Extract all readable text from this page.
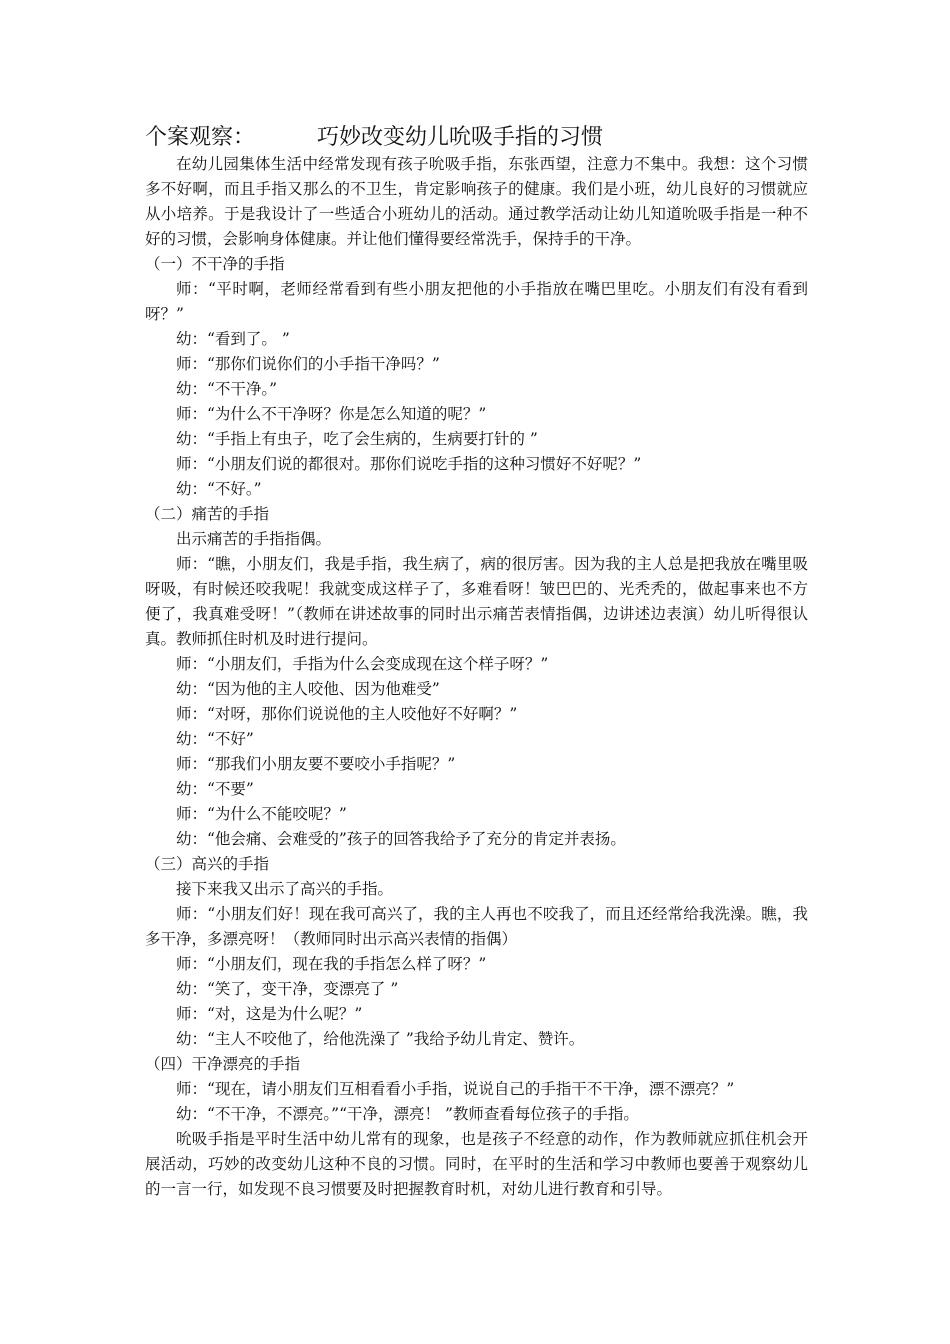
个案观察：	巧妙改变幼儿吮吸手指的习惯

在幼儿园集体生活中经常发现有孩子吮吸手指，东张西望，注意力不集中。我想：这个习惯多不好啊，而且手指又那么的不卫生，肯定影响孩子的健康。我们是小班，幼儿良好的习惯就应从小培养。于是我设计了一些适合小班幼儿的活动。通过教学活动让幼儿知道吮吸手指是一种不好的习惯，会影响身体健康。并让他们懂得要经常洗手，保持手的干净。

（一）不干净的手指

师：“平时啊，老师经常看到有些小朋友把他的小手指放在嘴巴里吃。小朋友们有没有看到呀？”

幼：“看到了。 ”

师：“那你们说你们的小手指干净吗？”

幼：“不干净。”

师：“为什么不干净呀？你是怎么知道的呢？”

幼：“手指上有虫子，吃了会生病的，生病要打针的 ”

师：“小朋友们说的都很对。那你们说吃手指的这种习惯好不好呢？”

幼：“不好。”

（二）痛苦的手指

出示痛苦的手指指偶。

师：“瞧，小朋友们，我是手指，我生病了，病的很厉害。因为我的主人总是把我放在嘴里吸呀吸，有时候还咬我呢！我就变成这样子了，多难看呀！皱巴巴的、光秃秃的，做起事来也不方便了，我真难受呀！”（教师在讲述故事的同时出示痛苦表情指偶，边讲述边表演）幼儿听得很认真。教师抓住时机及时进行提问。

师：“小朋友们，手指为什么会变成现在这个样子呀？”

幼：“因为他的主人咬他、因为他难受”

师：“对呀，那你们说说他的主人咬他好不好啊？”

幼：“不好”

师：“那我们小朋友要不要咬小手指呢？”

幼：“不要”

师：“为什么不能咬呢？”

幼：“他会痛、会难受的”孩子的回答我给予了充分的肯定并表扬。

（三）高兴的手指

接下来我又出示了高兴的手指。

师：“小朋友们好！现在我可高兴了，我的主人再也不咬我了，而且还经常给我洗澡。瞧，我多干净，多漂亮呀！（教师同时出示高兴表情的指偶）

师：“小朋友们，现在我的手指怎么样了呀？”

幼：“笑了，变干净，变漂亮了 ”

师：“对，这是为什么呢？”

幼：“主人不咬他了，给他洗澡了 ”我给予幼儿肯定、赞许。

（四）干净漂亮的手指

师：“现在，请小朋友们互相看看小手指，说说自己的手指干不干净，漂不漂亮？”

幼：“不干净，不漂亮。”“干净，漂亮！ ”教师查看每位孩子的手指。

吮吸手指是平时生活中幼儿常有的现象，也是孩子不经意的动作，作为教师就应抓住机会开展活动，巧妙的改变幼儿这种不良的习惯。同时，在平时的生活和学习中教师也要善于观察幼儿的一言一行，如发现不良习惯要及时把握教育时机，对幼儿进行教育和引导。
